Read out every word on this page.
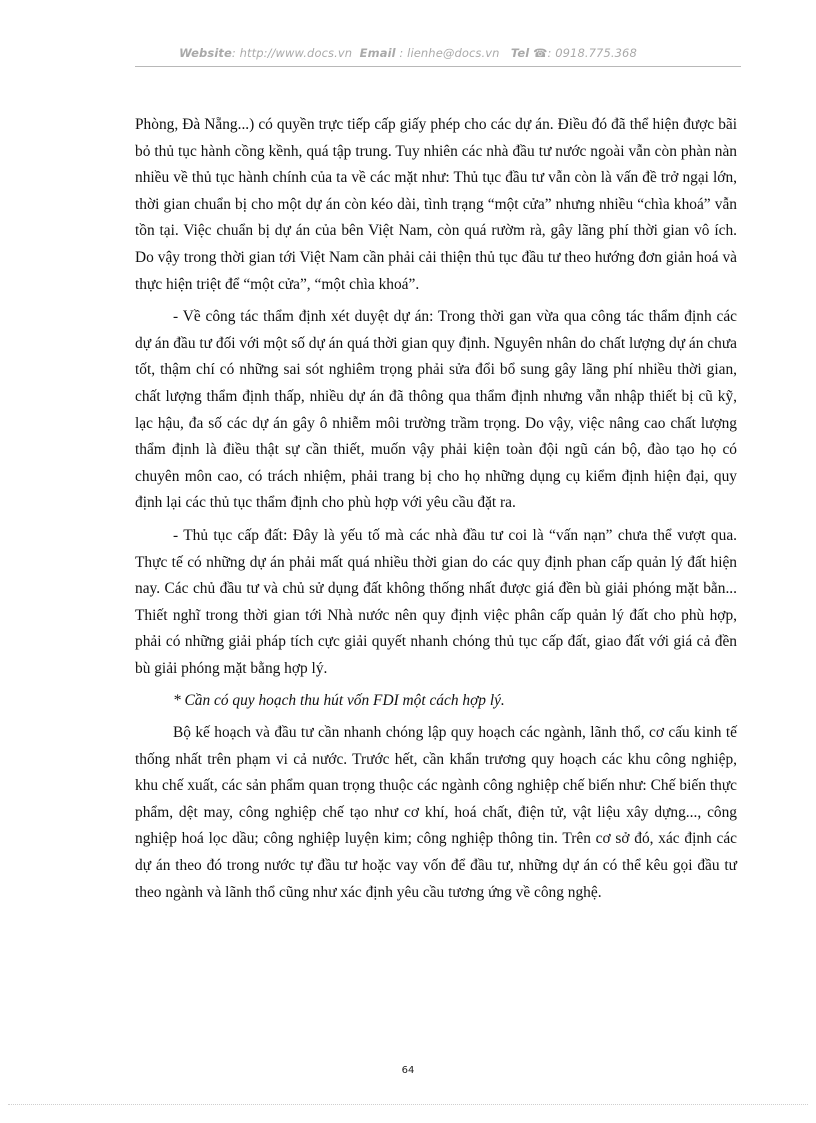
Website: http://www.docs.vn Email : lienhe@docs.vn Tel ☎: 0918.775.368

Phòng, Đà Nẵng...) có quyền trực tiếp cấp giấy phép cho các dự án. Điều đó đã thể hiện được bãi bỏ thủ tục hành cồng kềnh, quá tập trung. Tuy nhiên các nhà đầu tư nước ngoài vẫn còn phàn nàn nhiều về thủ tục hành chính của ta về các mặt như: Thủ tục đầu tư vẫn còn là vấn đề trở ngại lớn, thời gian chuẩn bị cho một dự án còn kéo dài, tình trạng “một cửa” nhưng nhiều “chìa khoá” vẫn tồn tại. Việc chuẩn bị dự án của bên Việt Nam, còn quá rườm rà, gây lãng phí thời gian vô ích. Do vậy trong thời gian tới Việt Nam cần phải cải thiện thủ tục đầu tư theo hướng đơn giản hoá và thực hiện triệt để “một cửa”, “một chìa khoá”.

- Về công tác thẩm định xét duyệt dự án: Trong thời gan vừa qua công tác thẩm định các dự án đầu tư đối với một số dự án quá thời gian quy định. Nguyên nhân do chất lượng dự án chưa tốt, thậm chí có những sai sót nghiêm trọng phải sửa đổi bổ sung gây lãng phí nhiều thời gian, chất lượng thẩm định thấp, nhiều dự án đã thông qua thẩm định nhưng vẫn nhập thiết bị cũ kỹ, lạc hậu, đa số các dự án gây ô nhiễm môi trường trầm trọng. Do vậy, việc nâng cao chất lượng thẩm định là điều thật sự cần thiết, muốn vậy phải kiện toàn đội ngũ cán bộ, đào tạo họ có chuyên môn cao, có trách nhiệm, phải trang bị cho họ những dụng cụ kiểm định hiện đại, quy định lại các thủ tục thẩm định cho phù hợp với yêu cầu đặt ra.

- Thủ tục cấp đất: Đây là yếu tố mà các nhà đầu tư coi là “vấn nạn” chưa thể vượt qua. Thực tế có những dự án phải mất quá nhiều thời gian do các quy định phan cấp quản lý đất hiện nay. Các chủ đầu tư và chủ sử dụng đất không thống nhất được giá đền bù giải phóng mặt bằn... Thiết nghĩ trong thời gian tới Nhà nước nên quy định việc phân cấp quản lý đất cho phù hợp, phải có những giải pháp tích cực giải quyết nhanh chóng thủ tục cấp đất, giao đất với giá cả đền bù giải phóng mặt bằng hợp lý.

* Cần có quy hoạch thu hút vốn FDI một cách hợp lý.

Bộ kế hoạch và đầu tư cần nhanh chóng lập quy hoạch các ngành, lãnh thổ, cơ cấu kinh tế thống nhất trên phạm vi cả nước. Trước hết, cần khẩn trương quy hoạch các khu công nghiệp, khu chế xuất, các sản phẩm quan trọng thuộc các ngành công nghiệp chế biến như: Chế biến thực phẩm, dệt may, công nghiệp chế tạo như cơ khí, hoá chất, điện tử, vật liệu xây dựng..., công nghiệp hoá lọc dầu; công nghiệp luyện kim; công nghiệp thông tin. Trên cơ sở đó, xác định các dự án theo đó trong nước tự đầu tư hoặc vay vốn để đầu tư, những dự án có thể kêu gọi đầu tư theo ngành và lãnh thổ cũng như xác định yêu cầu tương ứng về công nghệ.

64
